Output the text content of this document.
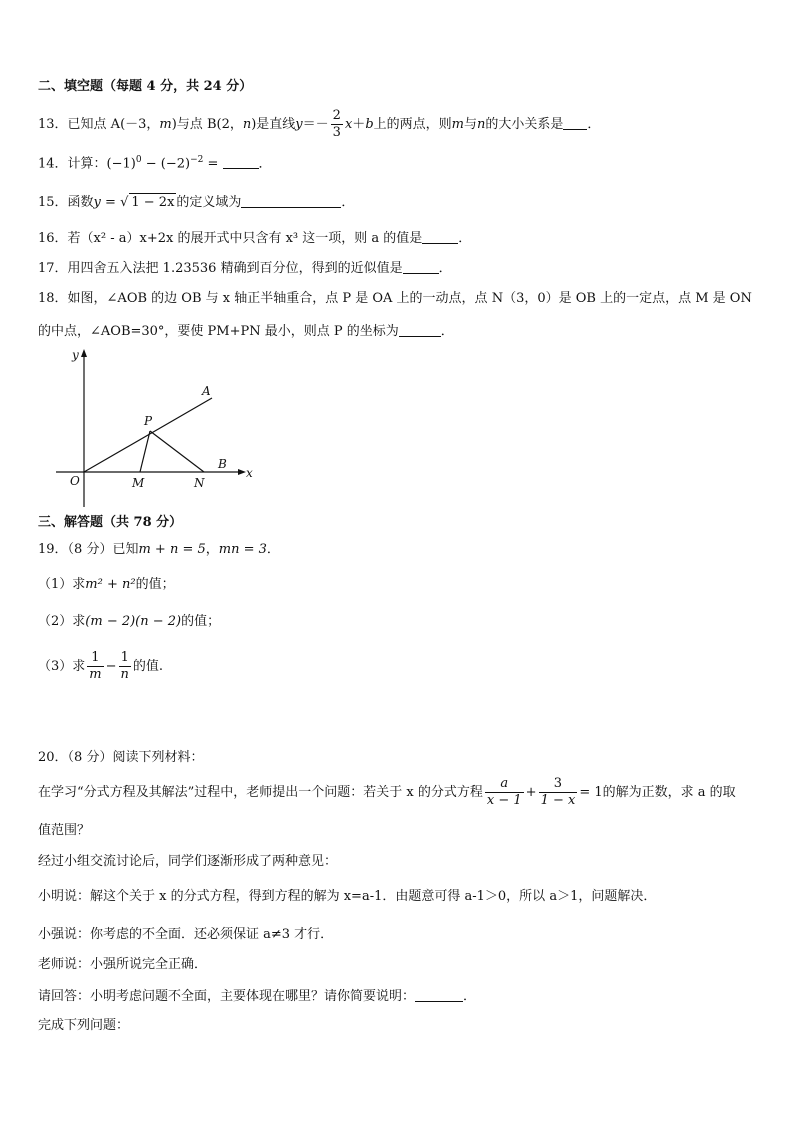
二、填空题（每题 4 分，共 24 分）
13．已知点 A(－3，m)与点 B(2，n)是直线$y=- \frac{2}{3} x+b$上的两点，则m与n的大小关系是 ．
14．计算：$(-1)^0 - (-2)^{-2}$ =	．
15．函数y = √ 1 − 2x 的定义域为	．
16．若（x² - a）x+2x 的展开式中只含有 x³ 这一项，则 a 的值是	．
17．用四舍五入法把 1.23536 精确到百分位，得到的近似值是	．
18．如图，∠AOB 的边 OB 与 x 轴正半轴重合，点 P 是 OA 上的一动点，点 N（3，0）是 OB 上的一定点，点 M 是 ON
的中点，∠AOB=30°，要使 PM+PN 最小，则点 P 的坐标为	．
y
x
O
A
B
P
M	N
三、解答题（共 78 分）
19．（8 分）已知m + n = 5，mn = 3．
（1）求m² + n²的值；
（2）求(m − 2)(n − 2)的值；
（3）求 $\frac{1}{m} - \frac{1}{n}$ 的值.
20．（8 分）阅读下列材料：
在学习“分式方程及其解法”过程中，老师提出一个问题：若关于 x 的分式方程 $\frac{a}{x - 1} + \frac{3}{1 - x} = 1$的解为正数，求 a 的取
值范围？
经过小组交流讨论后，同学们逐渐形成了两种意见：
小明说：解这个关于 x 的分式方程，得到方程的解为 x=a-1．由题意可得 a-1＞0，所以 a＞1，问题解决．
小强说：你考虑的不全面．还必须保证 a≠3 才行．
老师说：小强所说完全正确．
请回答：小明考虑问题不全面，主要体现在哪里？请你简要说明：	．
完成下列问题：
